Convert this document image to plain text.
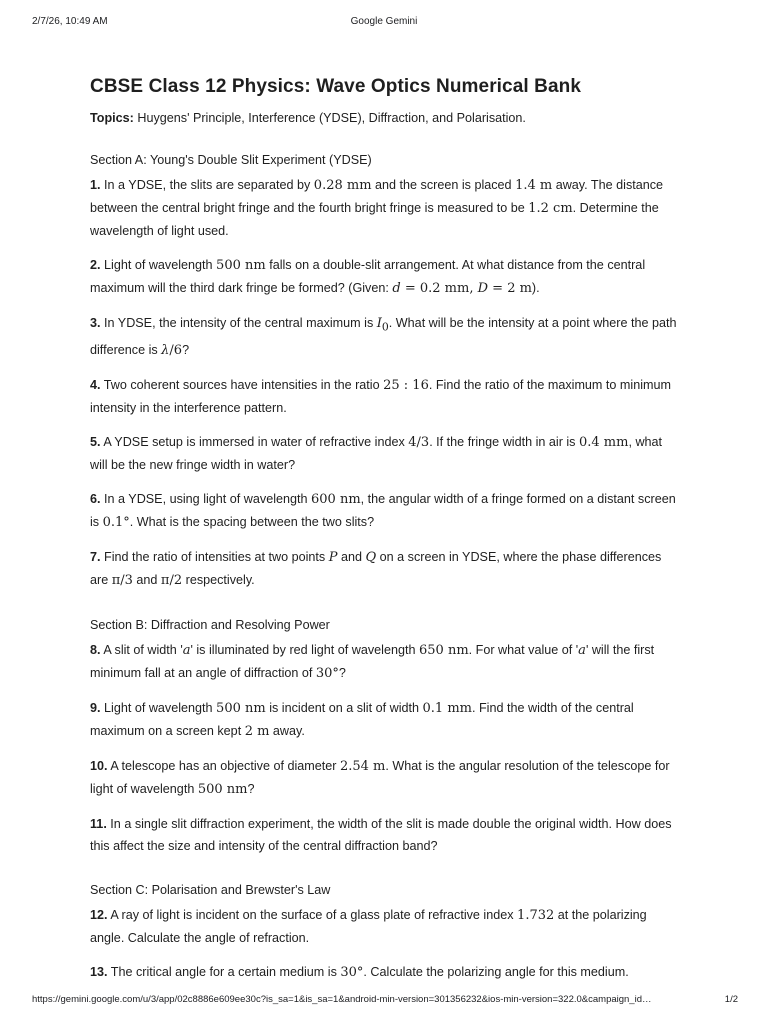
2/7/26, 10:49 AM	Google Gemini
CBSE Class 12 Physics: Wave Optics Numerical Bank
Topics: Huygens' Principle, Interference (YDSE), Diffraction, and Polarisation.
Section A: Young's Double Slit Experiment (YDSE)
1. In a YDSE, the slits are separated by 0.28 mm and the screen is placed 1.4 m away. The distance between the central bright fringe and the fourth bright fringe is measured to be 1.2 cm. Determine the wavelength of light used.
2. Light of wavelength 500 nm falls on a double-slit arrangement. At what distance from the central maximum will the third dark fringe be formed? (Given: d = 0.2 mm, D = 2 m).
3. In YDSE, the intensity of the central maximum is $I_0$. What will be the intensity at a point where the path difference is λ/6?
4. Two coherent sources have intensities in the ratio 25 : 16. Find the ratio of the maximum to minimum intensity in the interference pattern.
5. A YDSE setup is immersed in water of refractive index 4/3. If the fringe width in air is 0.4 mm, what will be the new fringe width in water?
6. In a YDSE, using light of wavelength 600 nm, the angular width of a fringe formed on a distant screen is 0.1°. What is the spacing between the two slits?
7. Find the ratio of intensities at two points P and Q on a screen in YDSE, where the phase differences are π/3 and π/2 respectively.
Section B: Diffraction and Resolving Power
8. A slit of width 'a' is illuminated by red light of wavelength 650 nm. For what value of 'a' will the first minimum fall at an angle of diffraction of 30°?
9. Light of wavelength 500 nm is incident on a slit of width 0.1 mm. Find the width of the central maximum on a screen kept 2 m away.
10. A telescope has an objective of diameter 2.54 m. What is the angular resolution of the telescope for light of wavelength 500 nm?
11. In a single slit diffraction experiment, the width of the slit is made double the original width. How does this affect the size and intensity of the central diffraction band?
Section C: Polarisation and Brewster's Law
12. A ray of light is incident on the surface of a glass plate of refractive index 1.732 at the polarizing angle. Calculate the angle of refraction.
13. The critical angle for a certain medium is 30°. Calculate the polarizing angle for this medium.
https://gemini.google.com/u/3/app/02c8886e609ee30c?is_sa=1&is_sa=1&android-min-version=301356232&ios-min-version=322.0&campaign_id…	1/2
